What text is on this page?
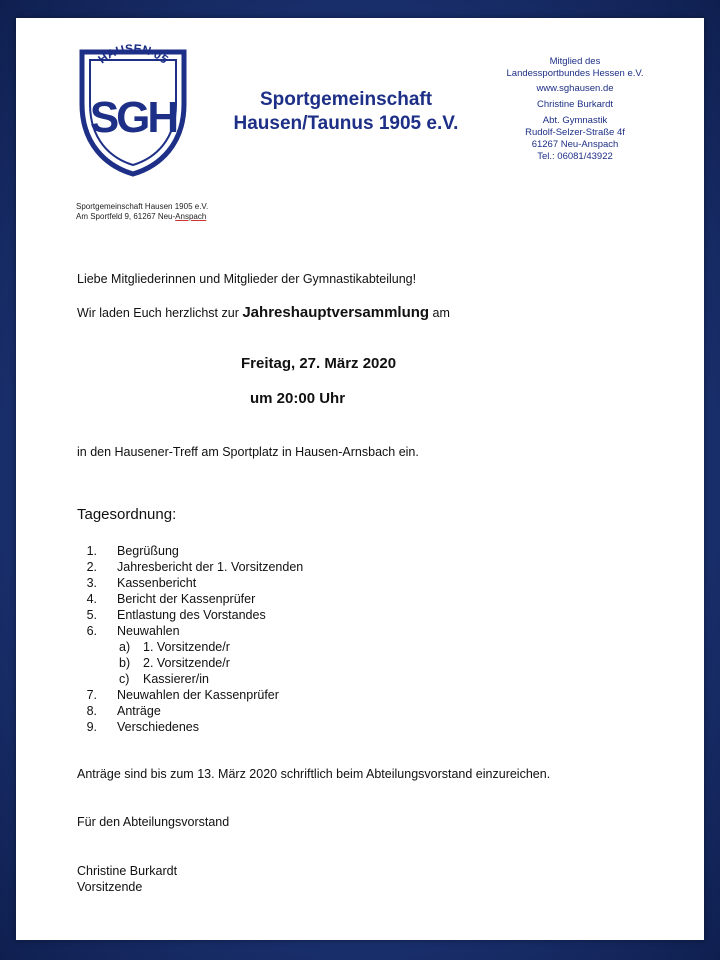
HAUSEN 05
SGH	Sportgemeinschaft
Hausen/Taunus 1905 e.V.
Mitglied des
Landessportbundes Hessen e.V.
www.sghausen.de
Christine Burkardt
Abt. Gymnastik
Rudolf-Selzer-Straße 4f
61267 Neu-Anspach
Tel.: 06081/43922
Sportgemeinschaft Hausen 1905 e.V.
Am Sportfeld 9, 61267 Neu-Anspach
Liebe Mitgliederinnen und Mitglieder der Gymnastikabteilung!
Wir laden Euch herzlichst zur Jahreshauptversammlung am
Freitag, 27. März 2020
um 20:00 Uhr
in den Hausener-Treff am Sportplatz in Hausen-Arnsbach ein.
Tagesordnung:
1. Begrüßung
2. Jahresbericht der 1. Vorsitzenden
3. Kassenbericht
4. Bericht der Kassenprüfer
5. Entlastung des Vorstandes
6. Neuwahlen
a) 1. Vorsitzende/r
b) 2. Vorsitzende/r
c) Kassierer/in
7. Neuwahlen der Kassenprüfer
8. Anträge
9. Verschiedenes
Anträge sind bis zum 13. März 2020 schriftlich beim Abteilungsvorstand einzureichen.
Für den Abteilungsvorstand
Christine Burkardt
Vorsitzende
